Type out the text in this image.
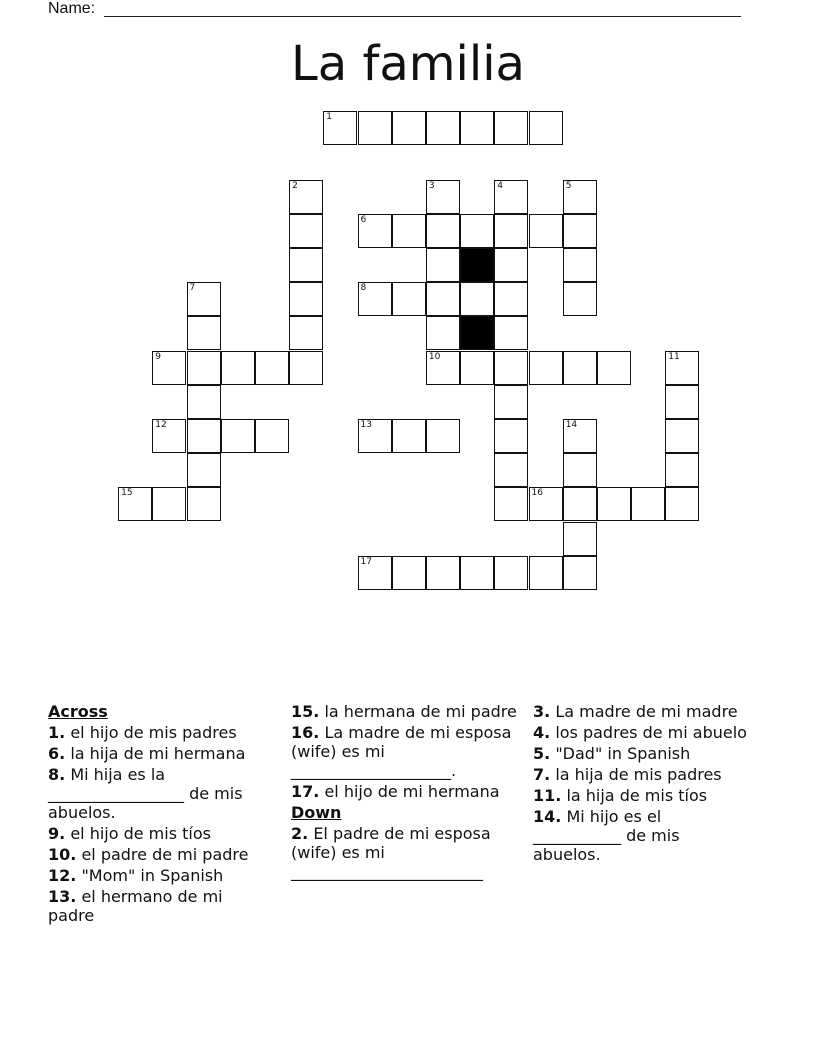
Name:
La familia
1
2	3	4	5
6
7	8
9	10	11
12	13	14
15	16
17
Across
1. el hijo de mis padres
6. la hija de mi hermana
8. Mi hija es la _________________ de mis abuelos.
9. el hijo de mis tíos
10. el padre de mi padre
12. "Mom" in Spanish
13. el hermano de mi padre
15. la hermana de mi padre
16. La madre de mi esposa (wife) es mi ____________________.
17. el hijo de mi hermana
Down
2. El padre de mi esposa (wife) es mi ________________________
3. La madre de mi madre
4. los padres de mi abuelo
5. "Dad" in Spanish
7. la hija de mis padres
11. la hija de mis tíos
14. Mi hijo es el ___________ de mis abuelos.
